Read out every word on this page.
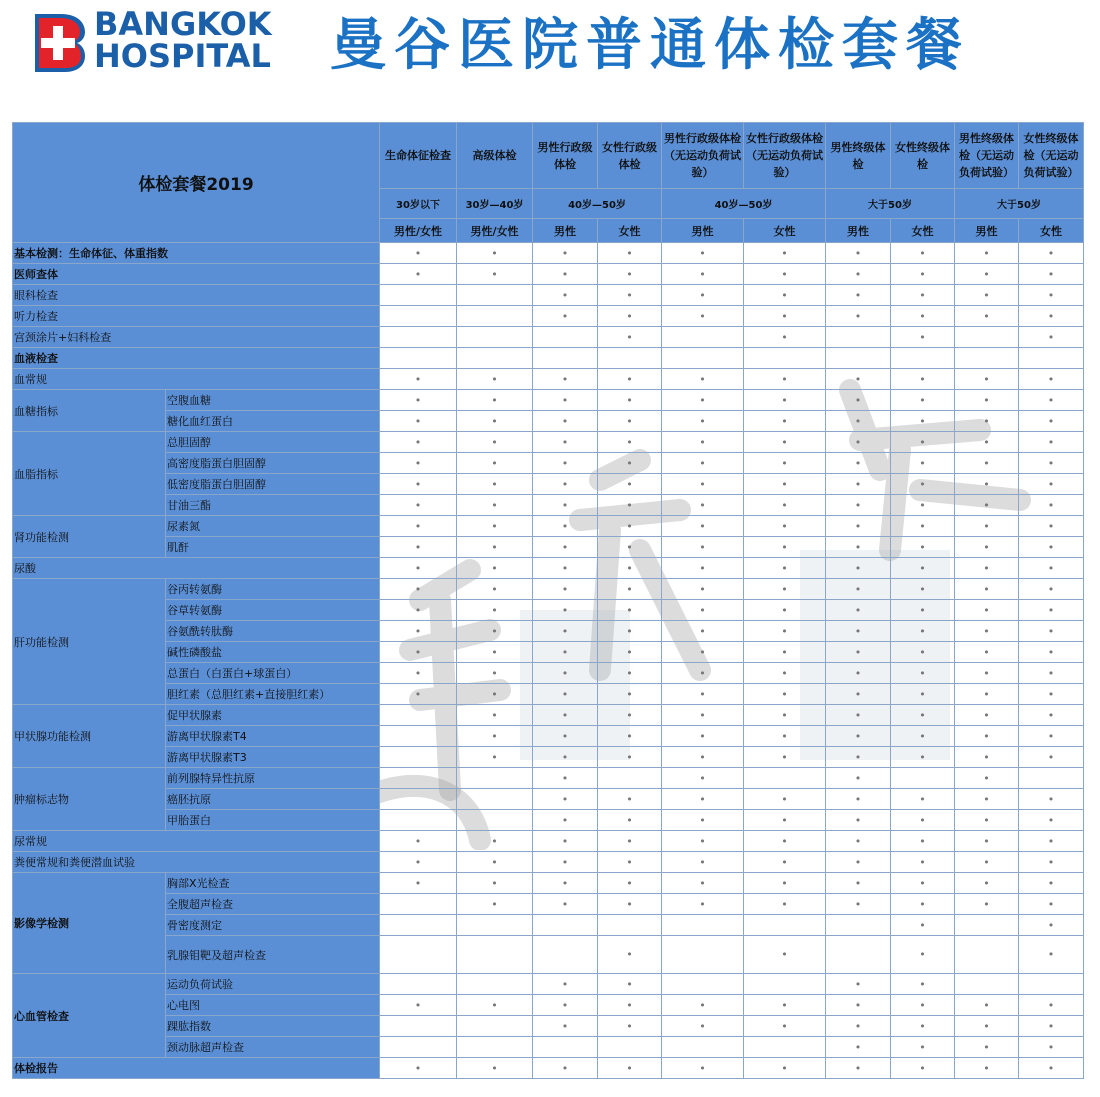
BANGKOK
HOSPITAL 曼谷医院普通体检套餐
体检套餐2019		生命体征检查	高级体检	男性行政级体检	女性行政级体检	男性行政级体检（无运动负荷试验）	女性行政级体检（无运动负荷试验）	男性终级体检	女性终级体检	男性终级体检（无运动负荷试验）	女性终级体检（无运动负荷试验）
		30岁以下	30岁—40岁	40岁—50岁		40岁—50岁		大于50岁		大于50岁	
		男性/女性	男性/女性	男性	女性	男性	女性	男性	女性	男性	女性
基本检测：生命体征、体重指数		•	•	•	•	•	•	•	•	•	•
医师查体		•	•	•	•	•	•	•	•	•	•
眼科检查				•	•	•	•	•	•	•	•
听力检查				•	•	•	•	•	•	•	•
宫颈涂片+妇科检查					•		•		•		•
血液检查											
血常规		•	•	•	•	•	•	•	•	•	•
血糖指标	空腹血糖	•	•	•	•	•	•	•	•	•	•
	糖化血红蛋白	•	•	•	•	•	•	•	•	•	•
血脂指标	总胆固醇	•	•	•	•	•	•	•	•	•	•
	高密度脂蛋白胆固醇	•	•	•	•	•	•	•	•	•	•
	低密度脂蛋白胆固醇	•	•	•	•	•	•	•	•	•	•
	甘油三酯	•	•	•	•	•	•	•	•	•	•
肾功能检测	尿素氮	•	•	•	•	•	•	•	•	•	•
	肌酐	•	•	•	•	•	•	•	•	•	•
尿酸		•	•	•	•	•	•	•	•	•	•
肝功能检测	谷丙转氨酶	•	•	•	•	•	•	•	•	•	•
	谷草转氨酶	•	•	•	•	•	•	•	•	•	•
	谷氨酰转肽酶	•	•	•	•	•	•	•	•	•	•
	碱性磷酸盐	•	•	•	•	•	•	•	•	•	•
	总蛋白（白蛋白+球蛋白）	•	•	•	•	•	•	•	•	•	•
	胆红素（总胆红素+直接胆红素）	•	•	•	•	•	•	•	•	•	•
甲状腺功能检测	促甲状腺素		•	•	•	•	•	•	•	•	•
	游离甲状腺素T4		•	•	•	•	•	•	•	•	•
	游离甲状腺素T3		•	•	•	•	•	•	•	•	•
肿瘤标志物	前列腺特异性抗原			•		•		•		•	
	癌胚抗原			•	•	•	•	•	•	•	•
	甲胎蛋白			•	•	•	•	•	•	•	•
尿常规		•	•	•	•	•	•	•	•	•	•
粪便常规和粪便潜血试验		•	•	•	•	•	•	•	•	•	•
影像学检测	胸部X光检查	•	•	•	•	•	•	•	•	•	•
	全腹超声检查		•	•	•	•	•	•	•	•	•
	骨密度测定								•		•
	乳腺钼靶及超声检查				•		•		•		•
心血管检查	运动负荷试验			•	•			•	•		
	心电图	•	•	•	•	•	•	•	•	•	•
	踝肱指数			•	•	•	•	•	•	•	•
	颈动脉超声检查							•	•	•	•
体检报告		•	•	•	•	•	•	•	•	•	•
